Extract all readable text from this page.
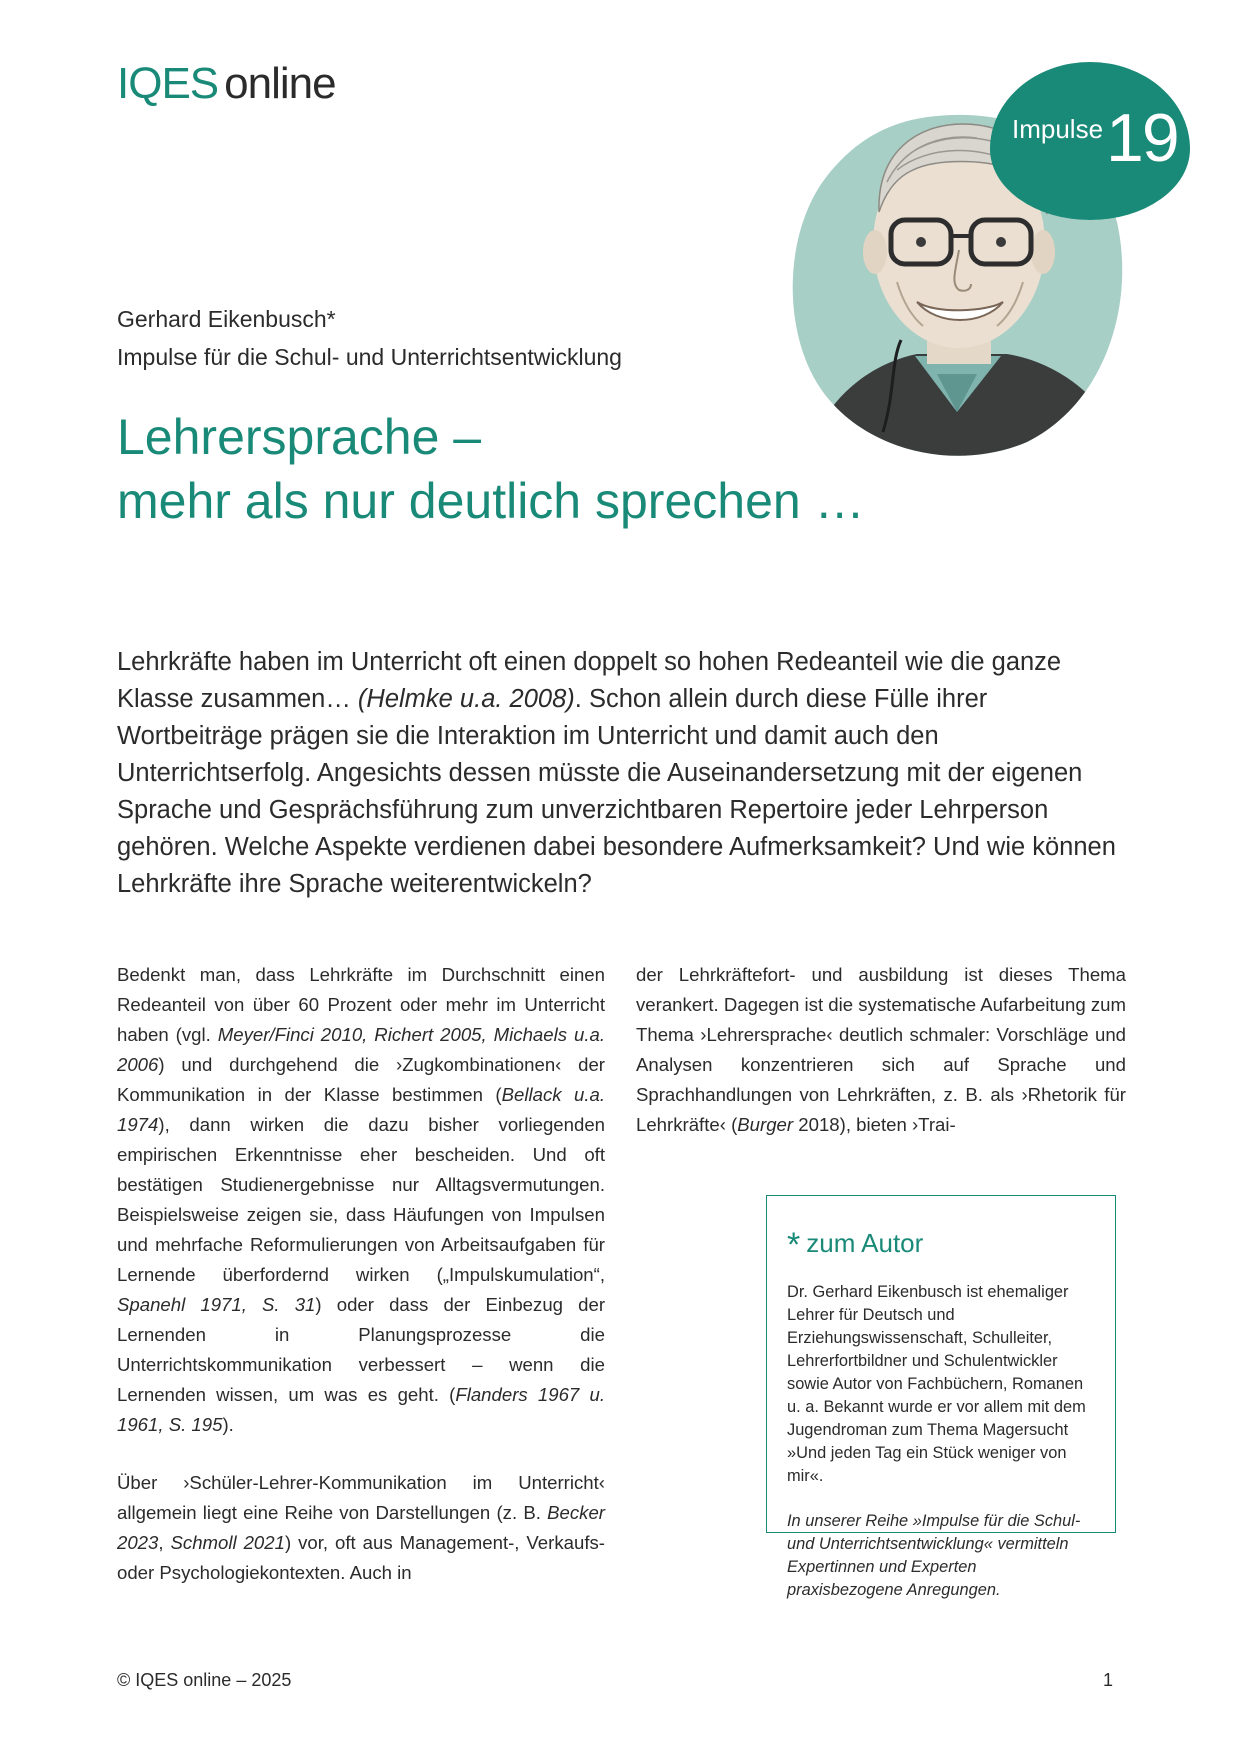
IQES online
Impulse 19
Gerhard Eikenbusch*
Impulse für die Schul- und Unterrichtsentwicklung
Lehrersprache –
mehr als nur deutlich sprechen …
Lehrkräfte haben im Unterricht oft einen doppelt so hohen Redeanteil wie die ganze Klasse zusammen… (Helmke u.a. 2008). Schon allein durch diese Fülle ihrer Wortbeiträge prägen sie die Interaktion im Unterricht und damit auch den Unterrichtserfolg. Angesichts dessen müsste die Auseinandersetzung mit der eigenen Sprache und Gesprächsführung zum unverzichtbaren Repertoire jeder Lehrperson gehören. Welche Aspekte verdienen dabei besondere Aufmerksamkeit? Und wie können Lehrkräfte ihre Sprache weiterentwickeln?

Bedenkt man, dass Lehrkräfte im Durchschnitt einen Redeanteil von über 60 Prozent oder mehr im Unterricht haben (vgl. Meyer/Finci 2010, Richert 2005, Michaels u.a. 2006) und durchgehend die ›Zugkombinationen‹ der Kommunikation in der Klasse bestimmen (Bellack u.a. 1974), dann wirken die dazu bisher vorliegenden empirischen Erkenntnisse eher bescheiden. Und oft bestätigen Studienergebnisse nur Alltagsvermutungen. Beispielsweise zeigen sie, dass Häufungen von Impulsen und mehrfache Reformulierungen von Arbeitsaufgaben für Lernende überfordernd wirken („Impulskumulation“, Spanehl 1971, S. 31) oder dass der Einbezug der Lernenden in Planungsprozesse die Unterrichtskommunikation verbessert – wenn die Lernenden wissen, um was es geht. (Flanders 1967 u. 1961, S. 195).

Über ›Schüler-Lehrer-Kommunikation im Unterricht‹ allgemein liegt eine Reihe von Darstellungen (z. B. Becker 2023, Schmoll 2021) vor, oft aus Management-, Verkaufs- oder Psychologiekontexten. Auch in

der Lehrkräftefort- und ausbildung ist dieses Thema verankert. Dagegen ist die systematische Aufarbeitung zum Thema ›Lehrersprache‹ deutlich schmaler: Vorschläge und Analysen konzentrieren sich auf Sprache und Sprachhandlungen von Lehrkräften, z. B. als ›Rhetorik für Lehrkräfte‹ (Burger 2018), bieten ›Trai-

* zum Autor
Dr. Gerhard Eikenbusch ist ehemaliger Lehrer für Deutsch und Erziehungswissenschaft, Schulleiter, Lehrerfortbildner und Schulentwickler sowie Autor von Fachbüchern, Romanen u. a. Bekannt wurde er vor allem mit dem Jugendroman zum Thema Magersucht »Und jeden Tag ein Stück weniger von mir«.
In unserer Reihe »Impulse für die Schul- und Unterrichtsentwicklung« vermitteln Expertinnen und Experten praxisbezogene Anregungen.
© IQES online – 2025	1
